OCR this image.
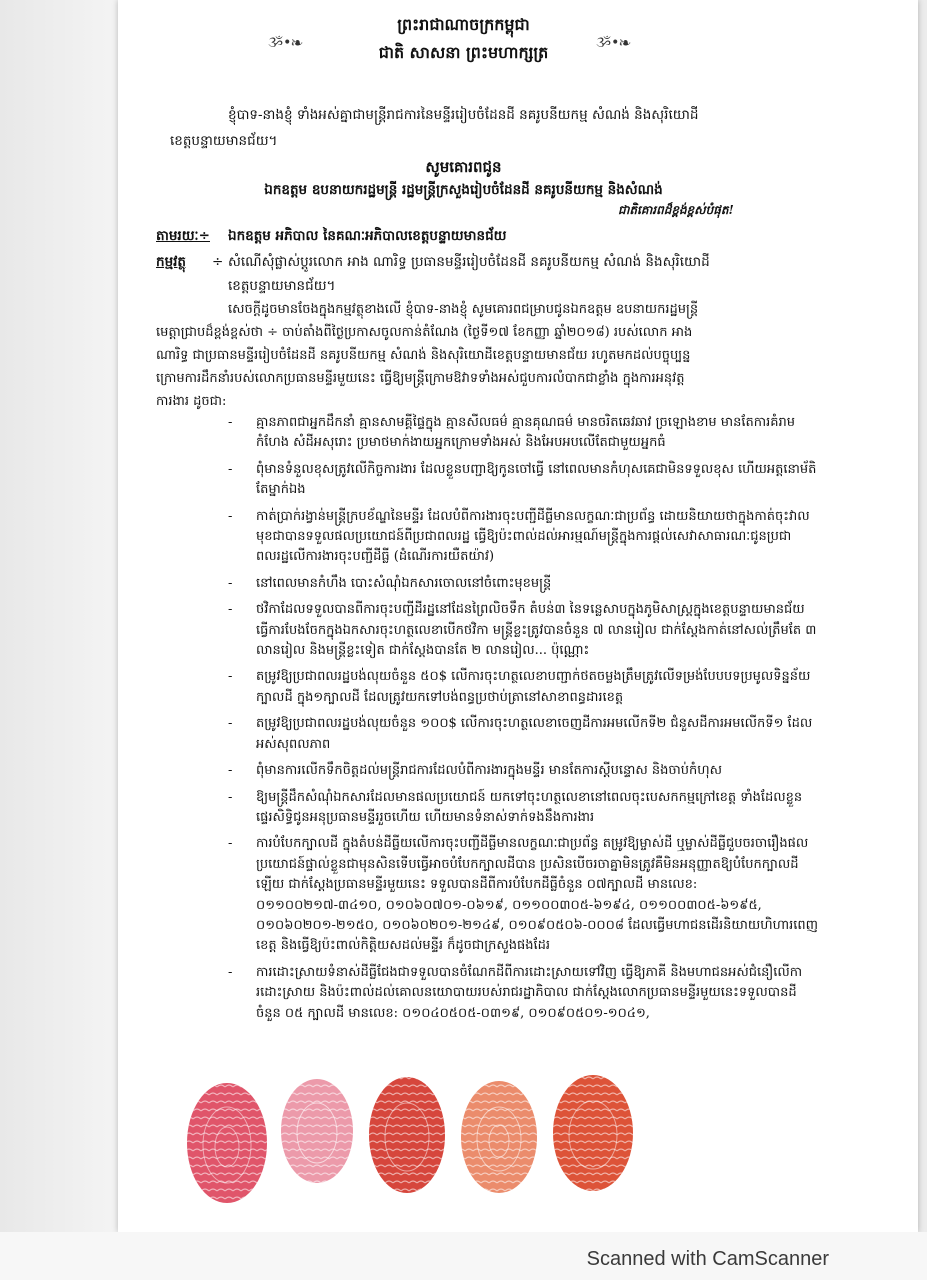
ព្រះរាជាណាចក្រកម្ពុជា
ជាតិ សាសនា ព្រះមហាក្សត្រ
ૐ•❧	ૐ•❧
ខ្ញុំបាទ-នាងខ្ញុំ ទាំងអស់គ្នាជាមន្ត្រីរាជការនៃមន្ទីររៀបចំដែនដី នគរូបនីយកម្ម សំណង់ និងសុរិយោដី
ខេត្តបន្ទាយមានជ័យ។
សូមគោរពជូន
ឯកឧត្តម ឧបនាយករដ្ឋមន្ត្រី រដ្ឋមន្ត្រីក្រសួងរៀបចំដែនដី នគរូបនីយកម្ម និងសំណង់
ជាតិគោរពដ៏ខ្ពង់ខ្ពស់បំផុត!
តាមរយៈ÷ ឯកឧត្តម អភិបាល នៃគណៈអភិបាលខេត្តបន្ទាយមានជ័យ
កម្មវត្ថុ ÷ សំណើសុំផ្លាស់ប្តូរលោក អាង ណារិទ្ធ ប្រធានមន្ទីររៀបចំដែនដី នគរូបនីយកម្ម សំណង់ និងសុរិយោដី
ខេត្តបន្ទាយមានជ័យ។
សេចក្តីដូចមានចែងក្នុងកម្មវត្ថុខាងលើ ខ្ញុំបាទ-នាងខ្ញុំ សូមគោរពជម្រាបជូនឯកឧត្តម ឧបនាយករដ្ឋមន្ត្រី
មេត្តាជ្រាបដ៏ខ្ពង់ខ្ពស់ថា ÷ ចាប់តាំងពីថ្ងៃប្រកាសចូលកាន់តំណែង (ថ្ងៃទី១៧ ខែកញ្ញា ឆ្នាំ២០១៨) របស់លោក អាង
ណារិទ្ធ ជាប្រធានមន្ទីររៀបចំដែនដី នគរូបនីយកម្ម សំណង់ និងសុរិយោដីខេត្តបន្ទាយមានជ័យ រហូតមកដល់បច្ចុប្បន្ន
ក្រោមការដឹកនាំរបស់លោកប្រធានមន្ទីរមួយនេះ ធ្វើឱ្យមន្ត្រីក្រោមឱវាទទាំងអស់ជួបការលំបាកជាខ្លាំង ក្នុងការអនុវត្ត
ការងារ ដូចជា:
-	គ្មានភាពជាអ្នកដឹកនាំ គ្មានសាមគ្គីផ្ទៃក្នុង គ្មានសីលធម៌ គ្មានគុណធម៌ មានចរិតឆេវឆាវ ច្រឡោងខាម មានតែការគំរាមកំហែង សំដីអសុរោះ ប្រមាថមាក់ងាយអ្នកក្រោមទាំងអស់ និងអែបអបលើតែជាមួយអ្នកធំ
-	ពុំមានទំនួលខុសត្រូវលើកិច្ចការងារ ដែលខ្លួនបញ្ជាឱ្យកូនចៅធ្វើ នៅពេលមានកំហុសគេជាមិនទទួលខុស ហើយអត្តនោម័តិតែម្នាក់ឯង
-	កាត់ប្រាក់រង្វាន់មន្ត្រីក្របខ័ណ្ឌនៃមន្ទីរ ដែលបំពីការងារចុះបញ្ជីដីធ្លីមានលក្ខណៈជាប្រព័ន្ធ ដោយនិយាយថាក្នុងកាត់ចុះវាលមុខជាបានទទួលផលប្រយោជន៍ពីប្រជាពលរដ្ឋ ធ្វើឱ្យប៉ះពាល់ដល់អារម្មណ៍មន្ត្រីក្នុងការផ្តល់សេវាសាធារណៈជូនប្រជាពលរដ្ឋលើការងារចុះបញ្ជីដីធ្លី (ដំណើរការយឺតយ៉ាវ)
-	នៅពេលមានកំហឹង បោះសំណុំឯកសារចោលនៅចំពោះមុខមន្ត្រី
-	ថវិកាដែលទទួលបានពីការចុះបញ្ជីដីរដ្ឋនៅដែនព្រៃលិចទឹក តំបន់៣ នៃទន្លេសាបក្នុងភូមិសាស្ត្រក្នុងខេត្តបន្ទាយមានជ័យ ធ្វើការបែងចែកក្នុងឯកសារចុះហត្ថលេខាបើកថវិកា មន្ត្រីខ្លះត្រូវបានចំនួន ៧ លានរៀល ជាក់ស្តែងកាត់នៅសល់ត្រឹមតែ ៣ លានរៀល និងមន្ត្រីខ្លះទៀត ជាក់ស្តែងបានតែ ២ លានរៀល... ប៉ុណ្ណោះ
-	តម្រូវឱ្យប្រជាពលរដ្ឋបង់លុយចំនួន ៥០$ លើការចុះហត្ថលេខាបញ្ជាក់ថតចម្លងត្រឹមត្រូវលើទម្រង់បែបបទប្រមូលទិន្នន័យក្បាលដី ក្នុង១ក្បាលដី ដែលត្រូវយកទៅបង់ពន្ធប្រថាប់ត្រានៅសាខាពន្ធដារខេត្ត
-	តម្រូវឱ្យប្រជាពលរដ្ឋបង់លុយចំនួន ១០០$ លើការចុះហត្ថលេខាចេញដីការអមលើកទី២ ជំនួសដីការអមលើកទី១ ដែលអស់សុពលភាព
-	ពុំមានការលើកទឹកចិត្តដល់មន្ត្រីរាជការដែលបំពីការងារក្នុងមន្ទីរ មានតែការស្តីបន្ទោស និងចាប់កំហុស
-	ឱ្យមន្ត្រីដឹកសំណុំឯកសារដែលមានផលប្រយោជន៍ យកទៅចុះហត្ថលេខានៅពេលចុះបេសកកម្មក្រៅខេត្ត ទាំងដែលខ្លួនផ្ទេរសិទ្ធិជូនអនុប្រធានមន្ទីររួចហើយ ហើយមានទំនាស់ទាក់ទងនឹងការងារ
-	ការបំបែកក្បាលដី ក្នុងតំបន់ដីធ្លីយលើការចុះបញ្ជីដីធ្លីមានលក្ខណៈជាប្រព័ន្ធ តម្រូវឱ្យម្ចាស់ដី ឬម្ចាស់ដីធ្លីជួបចរចារឿងផលប្រយោជន៍ផ្ទាល់ខ្លួនជាមុនសិនទើបធ្វើអាចបំបែកក្បាលដីបាន ប្រសិនបើចរចាគ្នាមិនត្រូវគឺមិនអនុញ្ញាតឱ្យបំបែកក្បាលដីឡើយ ជាក់ស្តែងប្រធានមន្ទីរមួយនេះ ទទួលបានដីពីការបំបែកដីធ្លីចំនួន ០៧ក្បាលដី មានលេខ: ០១១០០២១៧-៣៤១០, ០១០៦០៧០១-០៦១៩, ០១១០០៣០៥-៦១៩៤, ០១១០០៣០៥-៦១៩៥, ០១០៦០២០១-២១៥០, ០១០៦០២០១-២១៤៩, ០១០៩០៥០៦-០០០៨ ដែលធ្វើមហាជនដើរនិយាយហិហារពេញខេត្ត និងធ្វើឱ្យប៉ះពាល់កិត្តិយសដល់មន្ទីរ ក៏ដូចជាក្រសួងផងដែរ
-	ការដោះស្រាយទំនាស់ដីធ្លីជែងជាទទួលបានចំណែកដីពីការដោះស្រាយទៅវិញ ធ្វើឱ្យភាគី និងមហាជនអស់ជំនឿលើការដោះស្រាយ និងប៉ះពាល់ដល់គោលនយោបាយរបស់រាជរដ្ឋាភិបាល ជាក់ស្តែងលោកប្រធានមន្ទីរមួយនេះទទួលបានដីចំនួន ០៥ ក្បាលដី មានលេខ: ០១០៤០៥០៥-០៣១៩, ០១០៩០៥០១-១០៤១,
Scanned with CamScanner
